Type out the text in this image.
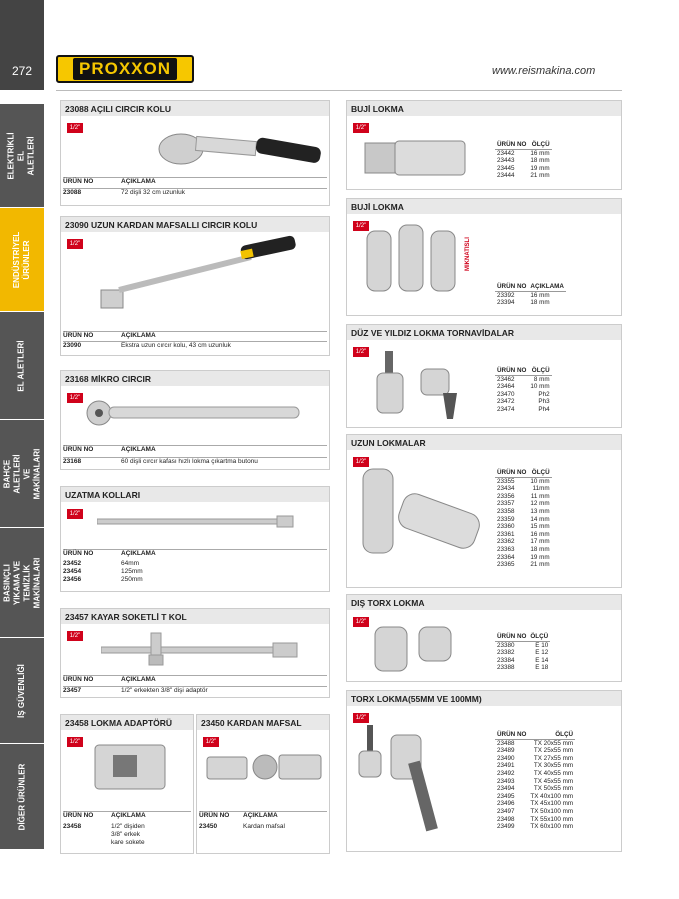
272	PROXXON	www.reismakina.com
ELEKTRİKLİ EL ALETLERİ
ENDÜSTRİYEL ÜRÜNLER
EL ALETLERİ
BAHÇE ALETLERİ VE MAKİNALARI
BASINÇLI YIKAMA VE TEMİZLİK MAKİNALARI
İŞ GÜVENLİĞİ
DİĞER ÜRÜNLER
23088 AÇILI CIRCIR KOLU
1/2"
ÜRÜN NO	AÇIKLAMA
23088	72 dişli 32 cm uzunluk
23090 UZUN KARDAN MAFSALLI CIRCIR KOLU
1/2"
ÜRÜN NO	AÇIKLAMA
23090	Ekstra uzun cırcır kolu, 43 cm uzunluk
23168 MİKRO CIRCIR
1/2"
ÜRÜN NO	AÇIKLAMA
23168	60 dişli cırcır kafası hızlı lokma çıkartma butonu
UZATMA KOLLARI
1/2"
ÜRÜN NO	AÇIKLAMA
23452	64mm
23454	125mm
23456	250mm
23457 KAYAR SOKETLİ T KOL
1/2"
ÜRÜN NO	AÇIKLAMA
23457	1/2" erkekten 3/8" dişi adaptör
23458 LOKMA ADAPTÖRÜ
1/2"
ÜRÜN NO	AÇIKLAMA
23458	1/2" dişiden
3/8" erkek
kare sokete
23450 KARDAN MAFSAL
1/2"
ÜRÜN NO	AÇIKLAMA
23450	Kardan mafsal
BUJİ LOKMA
1/2"
ÜRÜN NO	ÖLÇÜ
23442	16 mm
23443	18 mm
23445	19 mm
23444	21 mm
BUJİ LOKMA
1/2"
MIKNATISLI
ÜRÜN NO	AÇIKLAMA
23392	16 mm
23394	18 mm
DÜZ VE YILDIZ LOKMA TORNAVİDALAR
1/2"
ÜRÜN NO	ÖLÇÜ
23462	8 mm
23464	10 mm
23470	Ph2
23472	Ph3
23474	Ph4
UZUN LOKMALAR
1/2"
ÜRÜN NO	ÖLÇÜ
23355	10 mm
23434	11mm
23356	11 mm
23357	12 mm
23358	13 mm
23359	14 mm
23360	15 mm
23361	16 mm
23362	17 mm
23363	18 mm
23364	19 mm
23365	21 mm
DIŞ TORX LOKMA
1/2"
ÜRÜN NO	ÖLÇÜ
23380	E 10
23382	E 12
23384	E 14
23388	E 18
TORX LOKMA(55MM VE 100MM)
1/2"
ÜRÜN NO	ÖLÇÜ
23488	TX 20x55 mm
23489	TX 25x55 mm
23490	TX 27x55 mm
23491	TX 30x55 mm
23492	TX 40x55 mm
23493	TX 45x55 mm
23494	TX 50x55 mm
23495	TX 40x100 mm
23496	TX 45x100 mm
23497	TX 50x100 mm
23498	TX 55x100 mm
23499	TX 60x100 mm
